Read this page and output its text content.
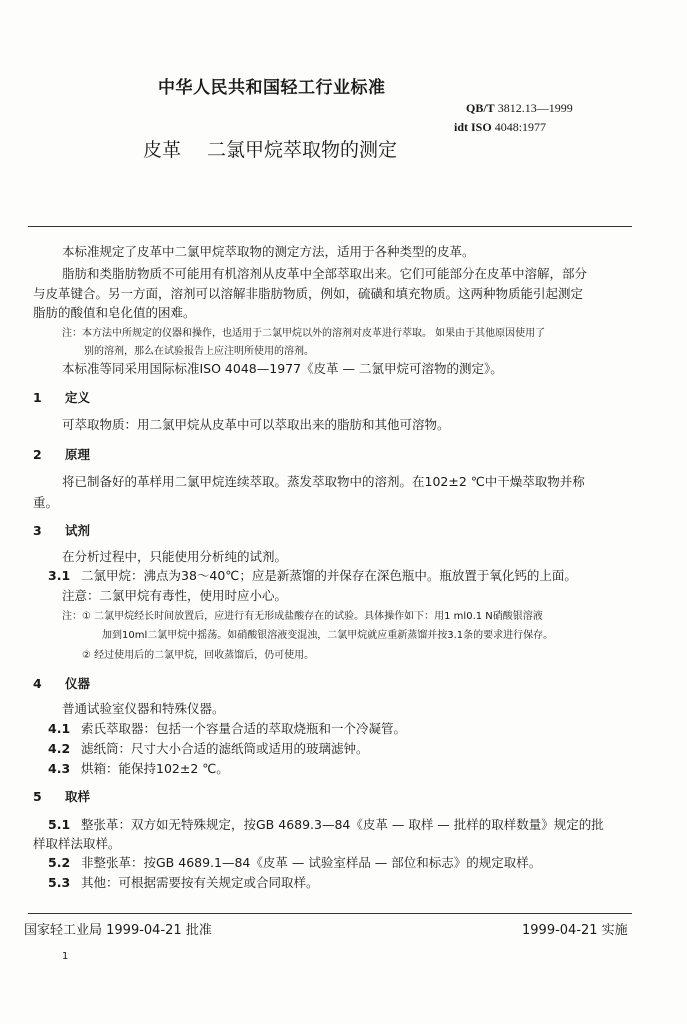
中华人民共和国轻工行业标准
QB/T 3812.13—1999
idt ISO 4048:1977
皮革 二氯甲烷萃取物的测定
本标准规定了皮革中二氯甲烷萃取物的测定方法，适用于各种类型的皮革。
脂肪和类脂肪物质不可能用有机溶剂从皮革中全部萃取出来。它们可能部分在皮革中溶解，部分
与皮革键合。另一方面，溶剂可以溶解非脂肪物质，例如，硫磺和填充物质。这两种物质能引起测定
脂肪的酸值和皂化值的困难。
注：本方法中所规定的仪器和操作，也适用于二氯甲烷以外的溶剂对皮革进行萃取。 如果由于其他原因使用了
别的溶剂，那么在试验报告上应注明所使用的溶剂。
本标准等同采用国际标准ISO 4048—1977《皮革 — 二氯甲烷可溶物的测定》。
1 定义
可萃取物质：用二氯甲烷从皮革中可以萃取出来的脂肪和其他可溶物。
2 原理
将已制备好的革样用二氯甲烷连续萃取。蒸发萃取物中的溶剂。在102±2 ℃中干燥萃取物并称
重。
3 试剂
在分析过程中，只能使用分析纯的试剂。
3.1 二氯甲烷：沸点为38～40℃；应是新蒸馏的并保存在深色瓶中。瓶放置于氧化钙的上面。
注意：二氯甲烷有毒性，使用时应小心。
注：① 二氯甲烷经长时间放置后，应进行有无形成盐酸存在的试验。具体操作如下：用1 ml0.1 N硝酸银溶液
加到10ml二氯甲烷中摇荡。如硝酸银溶液变混浊，二氯甲烷就应重新蒸馏并按3.1条的要求进行保存。
② 经过使用后的二氯甲烷，回收蒸馏后，仍可使用。
4 仪器
普通试验室仪器和特殊仪器。
4.1 索氏萃取器：包括一个容量合适的萃取烧瓶和一个冷凝管。
4.2 滤纸筒：尺寸大小合适的滤纸筒或适用的玻璃滤钟。
4.3 烘箱：能保持102±2 ℃。
5 取样
5.1 整张革：双方如无特殊规定，按GB 4689.3—84《皮革 — 取样 — 批样的取样数量》规定的批
样取样法取样。
5.2 非整张革：按GB 4689.1—84《皮革 — 试验室样品 — 部位和标志》的规定取样。
5.3 其他：可根据需要按有关规定或合同取样。
国家轻工业局 1999-04-21 批准	1999-04-21 实施
1
